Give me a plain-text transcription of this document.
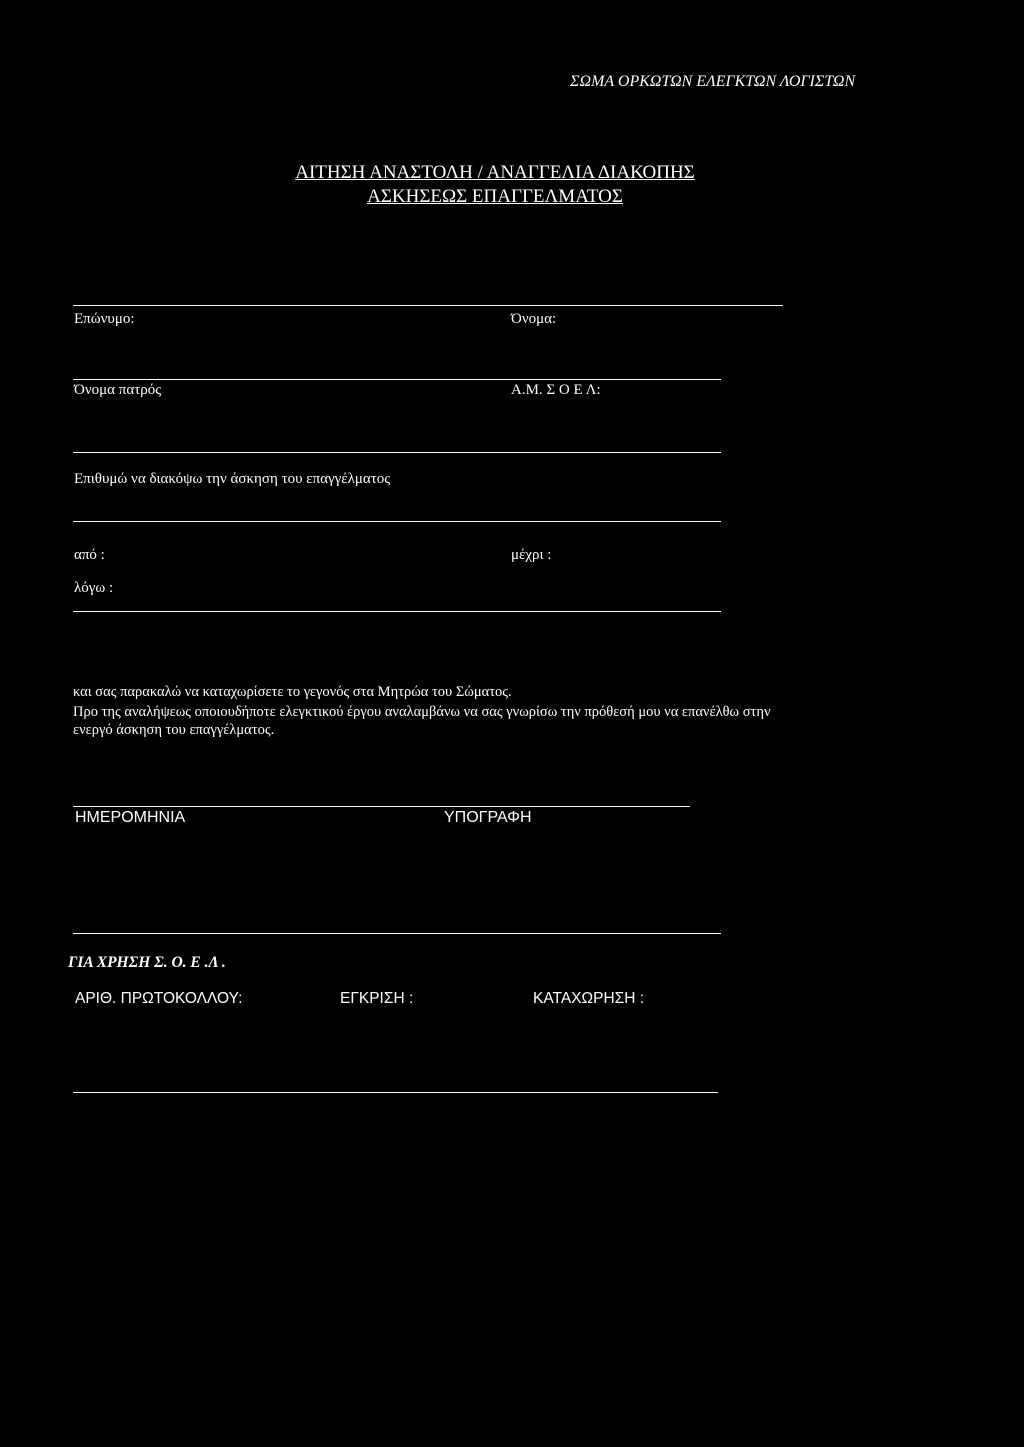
ΣΩΜΑ ΟΡΚΩΤΩΝ ΕΛΕΓΚΤΩΝ ΛΟΓΙΣΤΩΝ
ΑΙΤΗΣΗ ΑΝΑΣΤΟΛΗ / ΑΝΑΓΓΕΛΙΑ ΔΙΑΚΟΠΗΣ
ΑΣΚΗΣΕΩΣ ΕΠΑΓΓΕΛΜΑΤΟΣ
Επώνυμο:	Όνομα:
Όνομα πατρός	Α.Μ. Σ Ο Ε Λ:
Επιθυμώ να διακόψω την άσκηση του επαγγέλματος
από :	μέχρι :
λόγω :
και σας παρακαλώ να καταχωρίσετε το γεγονός στα Μητρώα του Σώματος.
Προ της αναλήψεως οποιουδήποτε ελεγκτικού έργου αναλαμβάνω να σας γνωρίσω την πρόθεσή μου να επανέλθω στην
ενεργό άσκηση του επαγγέλματος.
ΗΜΕΡΟΜΗΝΙΑ	ΥΠΟΓΡΑΦΗ
ΓΙΑ ΧΡΗΣΗ Σ. Ο. Ε .Λ .
ΑΡΙΘ. ΠΡΩΤΟΚΟΛΛΟΥ:	ΕΓΚΡΙΣΗ :	ΚΑΤΑΧΩΡΗΣΗ :
